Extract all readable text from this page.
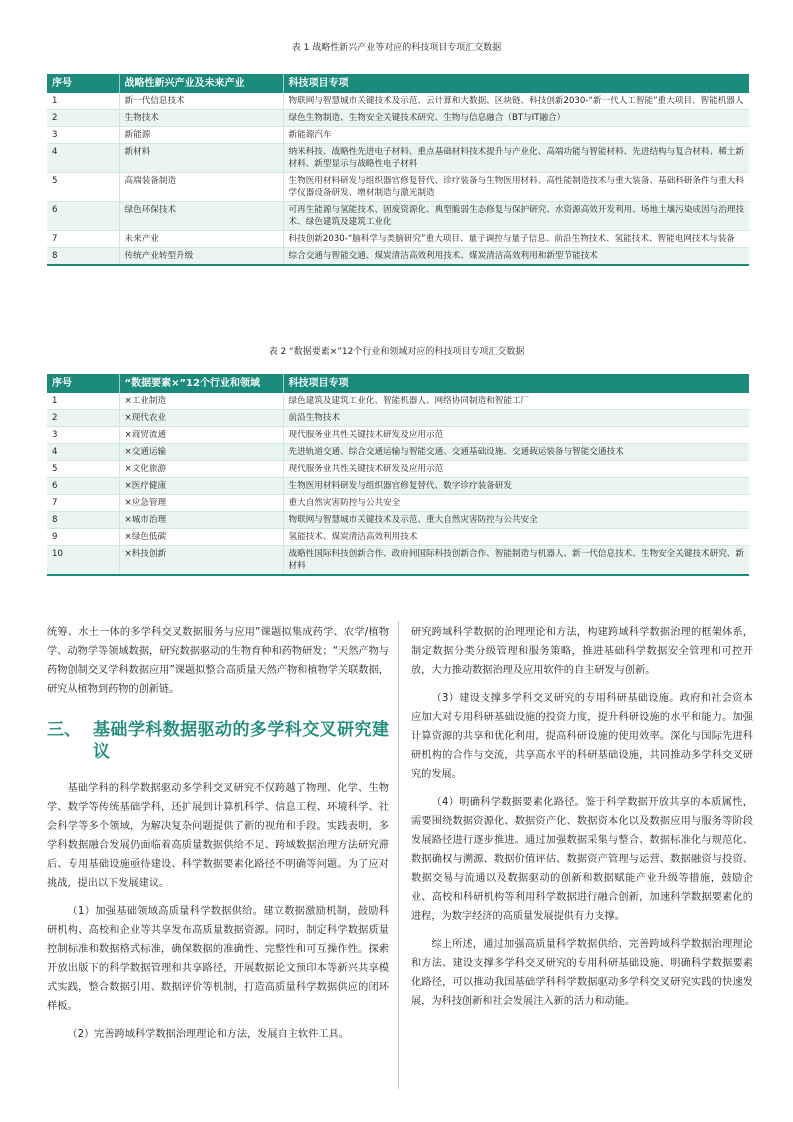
表 1 战略性新兴产业等对应的科技项目专项汇交数据
序号	战略性新兴产业及未来产业	科技项目专项
1	新一代信息技术	物联网与智慧城市关键技术及示范、云计算和大数据、区块链、科技创新2030-“新一代人工智能”重大项目、智能机器人
2	生物技术	绿色生物制造、生物安全关键技术研究、生物与信息融合（BT与IT融合）
3	新能源	新能源汽车
4	新材料	纳米科技、战略性先进电子材料、重点基础材料技术提升与产业化、高端功能与智能材料、先进结构与复合材料、稀土新材料、新型显示与战略性电子材料
5	高端装备制造	生物医用材料研发与组织器官修复替代、诊疗装备与生物医用材料、高性能制造技术与重大装备、基础科研条件与重大科学仪器设备研发、增材制造与激光制造
6	绿色环保技术	可再生能源与氢能技术、固废资源化、典型脆弱生态修复与保护研究、水资源高效开发利用、场地土壤污染成因与治理技术、绿色建筑及建筑工业化
7	未来产业	科技创新2030-“脑科学与类脑研究”重大项目、量子调控与量子信息、前沿生物技术、氢能技术、智能电网技术与装备
8	传统产业转型升级	综合交通与智能交通、煤炭清洁高效利用技术、煤炭清洁高效利用和新型节能技术
表 2 “数据要素×”12个行业和领域对应的科技项目专项汇交数据
序号	“数据要素×”12个行业和领域	科技项目专项
1	×工业制造	绿色建筑及建筑工业化、智能机器人、网络协同制造和智能工厂
2	×现代农业	前沿生物技术
3	×商贸流通	现代服务业共性关键技术研发及应用示范
4	×交通运输	先进轨道交通、综合交通运输与智能交通、交通基础设施、交通载运装备与智能交通技术
5	×文化旅游	现代服务业共性关键技术研发及应用示范
6	×医疗健康	生物医用材料研发与组织器官修复替代、数字诊疗装备研发
7	×应急管理	重大自然灾害防控与公共安全
8	×城市治理	物联网与智慧城市关键技术及示范、重大自然灾害防控与公共安全
9	×绿色低碳	氢能技术、煤炭清洁高效利用技术
10	×科技创新	战略性国际科技创新合作、政府间国际科技创新合作、智能制造与机器人、新一代信息技术、生物安全关键技术研究、新材料

统筹、水土一体的多学科交叉数据服务与应用”课题拟集成药学、农学/植物学、动物学等领域数据，研究数据驱动的生物育种和药物研发；“天然产物与药物创制交叉学科数据应用”课题拟整合高质量天然产物和植物学关联数据，研究从植物到药物的创新链。

三、 基础学科数据驱动的多学科交叉研究建议

基础学科的科学数据驱动多学科交叉研究不仅跨越了物理、化学、生物学、数学等传统基础学科，还扩展到计算机科学、信息工程、环境科学、社会科学等多个领域，为解决复杂问题提供了新的视角和手段。实践表明，多学科数据融合发展仍面临着高质量数据供给不足、跨域数据治理方法研究滞后、专用基础设施亟待建设、科学数据要素化路径不明确等问题。为了应对挑战，提出以下发展建议。

（1）加强基础领域高质量科学数据供给。建立数据激励机制，鼓励科研机构、高校和企业等共享发布高质量数据资源。同时，制定科学数据质量控制标准和数据格式标准，确保数据的准确性、完整性和可互操作性。探索开放出版下的科学数据管理和共享路径，开展数据论文预印本等新兴共享模式实践，整合数据引用、数据评价等机制，打造高质量科学数据供应的闭环样板。

（2）完善跨域科学数据治理理论和方法，发展自主软件工具。

研究跨域科学数据的治理理论和方法，构建跨域科学数据治理的框架体系，制定数据分类分级管理和服务策略，推进基础科学数据安全管理和可控开放，大力推动数据治理及应用软件的自主研发与创新。

（3）建设支撑多学科交叉研究的专用科研基础设施。政府和社会资本应加大对专用科研基础设施的投资力度，提升科研设施的水平和能力。加强计算资源的共享和优化利用，提高科研设施的使用效率。深化与国际先进科研机构的合作与交流，共享高水平的科研基础设施，共同推动多学科交叉研究的发展。

（4）明确科学数据要素化路径。鉴于科学数据开放共享的本质属性，需要围绕数据资源化、数据资产化、数据资本化以及数据应用与服务等阶段发展路径进行逐步推进。通过加强数据采集与整合、数据标准化与规范化、数据确权与溯源、数据价值评估、数据资产管理与运营、数据融资与投资、数据交易与流通以及数据驱动的创新和数据赋能产业升级等措施，鼓励企业、高校和科研机构等利用科学数据进行融合创新，加速科学数据要素化的进程，为数字经济的高质量发展提供有力支撑。

综上所述，通过加强高质量科学数据供给、完善跨域科学数据治理理论和方法、建设支撑多学科交叉研究的专用科研基础设施、明确科学数据要素化路径，可以推动我国基础学科科学数据驱动多学科交叉研究实践的快速发展，为科技创新和社会发展注入新的活力和动能。
